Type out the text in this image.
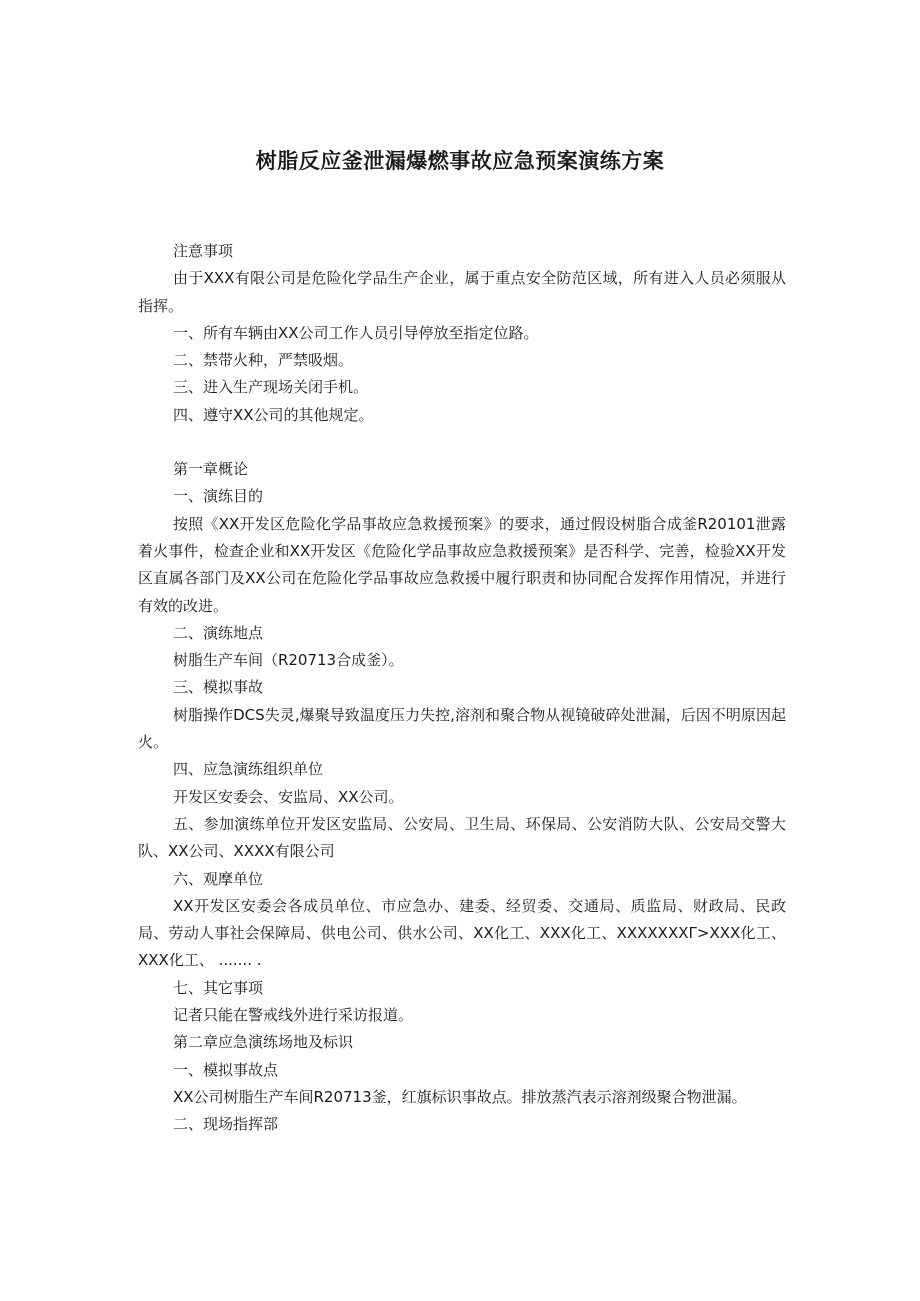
树脂反应釜泄漏爆燃事故应急预案演练方案

注意事项

由于XXX有限公司是危险化学品生产企业，属于重点安全防范区域，所有进入人员必须服从指挥。

一、所有车辆由XX公司工作人员引导停放至指定位路。

二、禁带火种，严禁吸烟。

三、进入生产现场关闭手机。

四、遵守XX公司的其他规定。

第一章概论

一、演练目的

按照《XX开发区危险化学品事故应急救援预案》的要求，通过假设树脂合成釜R20101泄露着火事件，检查企业和XX开发区《危险化学品事故应急救援预案》是否科学、完善，检验XX开发区直属各部门及XX公司在危险化学品事故应急救援中履行职责和协同配合发挥作用情况，并进行有效的改进。

二、演练地点

树脂生产车间（R20713合成釜）。

三、模拟事故

树脂操作DCS失灵,爆聚导致温度压力失控,溶剂和聚合物从视镜破碎处泄漏，后因不明原因起火。

四、应急演练组织单位

开发区安委会、安监局、XX公司。

五、参加演练单位开发区安监局、公安局、卫生局、环保局、公安消防大队、公安局交警大队、XX公司、XXXX有限公司

六、观摩单位

XX开发区安委会各成员单位、市应急办、建委、经贸委、交通局、质监局、财政局、民政局、劳动人事社会保障局、供电公司、供水公司、XX化工、XXX化工、XXXXXXXΓ>XXX化工、XXX化工、 ....... .

七、其它事项

记者只能在警戒线外进行采访报道。

第二章应急演练场地及标识

一、模拟事故点

XX公司树脂生产车间R20713釜，红旗标识事故点。排放蒸汽表示溶剂级聚合物泄漏。

二、现场指挥部
